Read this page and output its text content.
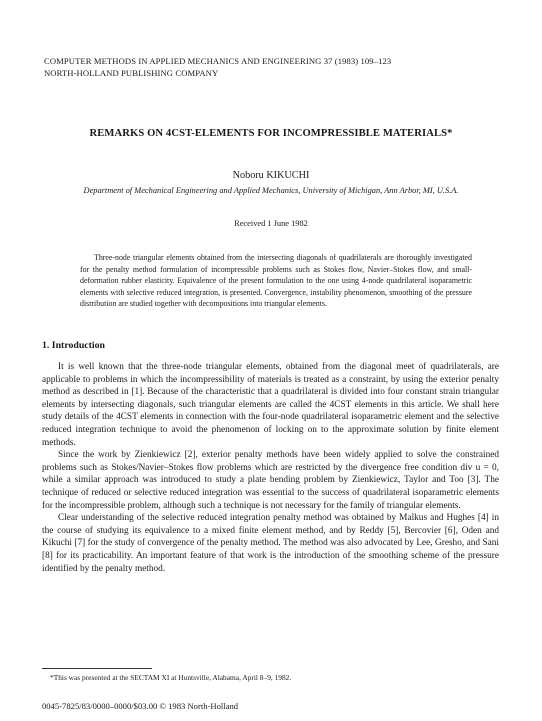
COMPUTER METHODS IN APPLIED MECHANICS AND ENGINEERING 37 (1983) 109–123
NORTH-HOLLAND PUBLISHING COMPANY
REMARKS ON 4CST-ELEMENTS FOR INCOMPRESSIBLE MATERIALS*
Noboru KIKUCHI
Department of Mechanical Engineering and Applied Mechanics, University of Michigan, Ann Arbor, MI, U.S.A.
Received 1 June 1982
Three-node triangular elements obtained from the intersecting diagonals of quadrilaterals are thoroughly investigated for the penalty method formulation of incompressible problems such as Stokes flow, Navier–Stokes flow, and small-deformation rubber elasticity. Equivalence of the present formulation to the one using 4-node quadrilateral isoparametric elements with selective reduced integration, is presented. Convergence, instability phenomenon, smoothing of the pressure distribution are studied together with decompositions into triangular elements.
1. Introduction

It is well known that the three-node triangular elements, obtained from the diagonal meet of quadrilaterals, are applicable to problems in which the incompressibility of materials is treated as a constraint, by using the exterior penalty method as described in [1]. Because of the characteristic that a quadrilateral is divided into four constant strain triangular elements by intersecting diagonals, such triangular elements are called the 4CST elements in this article. We shall here study details of the 4CST elements in connection with the four-node quadrilateral isoparametric element and the selective reduced integration technique to avoid the phenomenon of locking on to the approximate solution by finite element methods.

Since the work by Zienkiewicz [2], exterior penalty methods have been widely applied to solve the constrained problems such as Stokes/Navier–Stokes flow problems which are restricted by the divergence free condition div u = 0, while a similar approach was introduced to study a plate bending problem by Zienkiewicz, Taylor and Too [3]. The technique of reduced or selective reduced integration was essential to the success of quadrilateral isoparametric elements for the incompressible problem, although such a technique is not necessary for the family of triangular elements.

Clear understanding of the selective reduced integration penalty method was obtained by Malkus and Hughes [4] in the course of studying its equivalence to a mixed finite element method, and by Reddy [5], Bercovier [6], Oden and Kikuchi [7] for the study of convergence of the penalty method. The method was also advocated by Lee, Gresho, and Sani [8] for its practicability. An important feature of that work is the introduction of the smoothing scheme of the pressure identified by the penalty method.

*This was presented at the SECTAM XI at Huntsville, Alabama, April 8–9, 1982.
0045-7825/83/0000–0000/$03.00 © 1983 North-Holland
